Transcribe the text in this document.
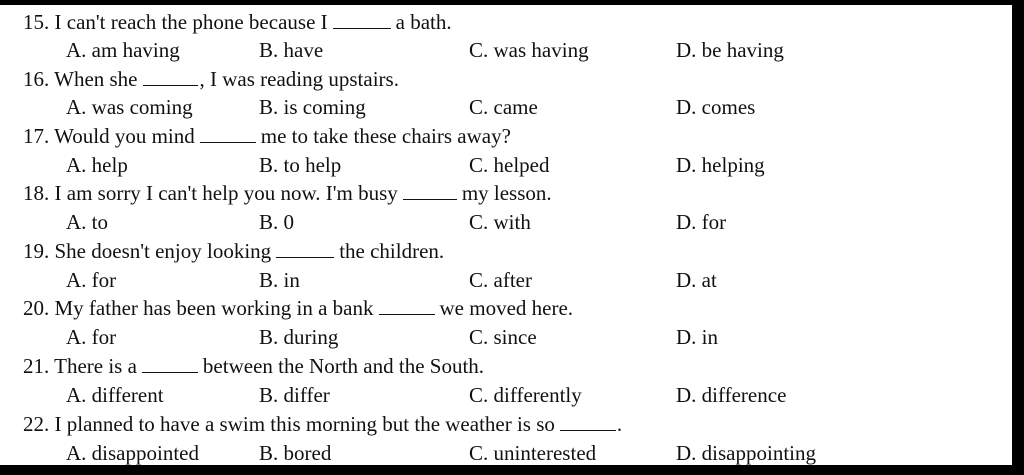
15. I can't reach the phone because I	a bath.
A. am having	B. have	C. was having	D. be having
16. When she	, I was reading upstairs.
A. was coming	B. is coming	C. came	D. comes
17. Would you mind	me to take these chairs away?
A. help	B. to help	C. helped	D. helping
18. I am sorry I can't help you now. I'm busy	my lesson.
A. to	B. 0	C. with	D. for
19. She doesn't enjoy looking	the children.
A. for	B. in	C. after	D. at
20. My father has been working in a bank	we moved here.
A. for	B. during	C. since	D. in
21. There is a	between the North and the South.
A. different	B. differ	C. differently	D. difference
22. I planned to have a swim this morning but the weather is so	.
A. disappointed	B. bored	C. uninterested	D. disappointing
